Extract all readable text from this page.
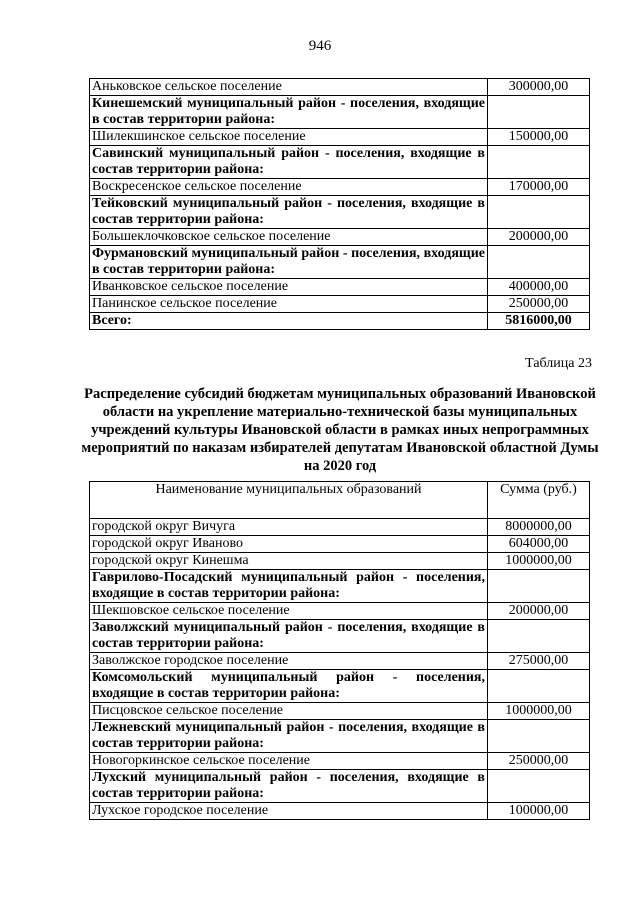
946
Аньковское сельское поселение	300000,00
Кинешемский муниципальный район - поселения, входящие в состав территории района:	
Шилекшинское сельское поселение	150000,00
Савинский муниципальный район - поселения, входящие в состав территории района:	
Воскресенское сельское поселение	170000,00
Тейковский муниципальный район - поселения, входящие в состав территории района:	
Большеклочковское сельское поселение	200000,00
Фурмановский муниципальный район - поселения, входящие в состав территории района:	
Иванковское сельское поселение	400000,00
Панинское сельское поселение	250000,00
Всего:	5816000,00
Таблица 23
Распределение субсидий бюджетам муниципальных образований Ивановской области на укрепление материально-технической базы муниципальных учреждений культуры Ивановской области в рамках иных непрограммных мероприятий по наказам избирателей депутатам Ивановской областной Думы на 2020 год
Наименование муниципальных образований	Сумма (руб.)
городской округ Вичуга	8000000,00
городской округ Иваново	604000,00
городской округ Кинешма	1000000,00
Гаврилово-Посадский муниципальный район - поселения, входящие в состав территории района:	
Шекшовское сельское поселение	200000,00
Заволжский муниципальный район - поселения, входящие в состав территории района:	
Заволжское городское поселение	275000,00
Комсомольский муниципальный район - поселения, входящие в состав территории района:	
Писцовское сельское поселение	1000000,00
Лежневский муниципальный район - поселения, входящие в состав территории района:	
Новогоркинское сельское поселение	250000,00
Лухский муниципальный район - поселения, входящие в состав территории района:	
Лухское городское поселение	100000,00
